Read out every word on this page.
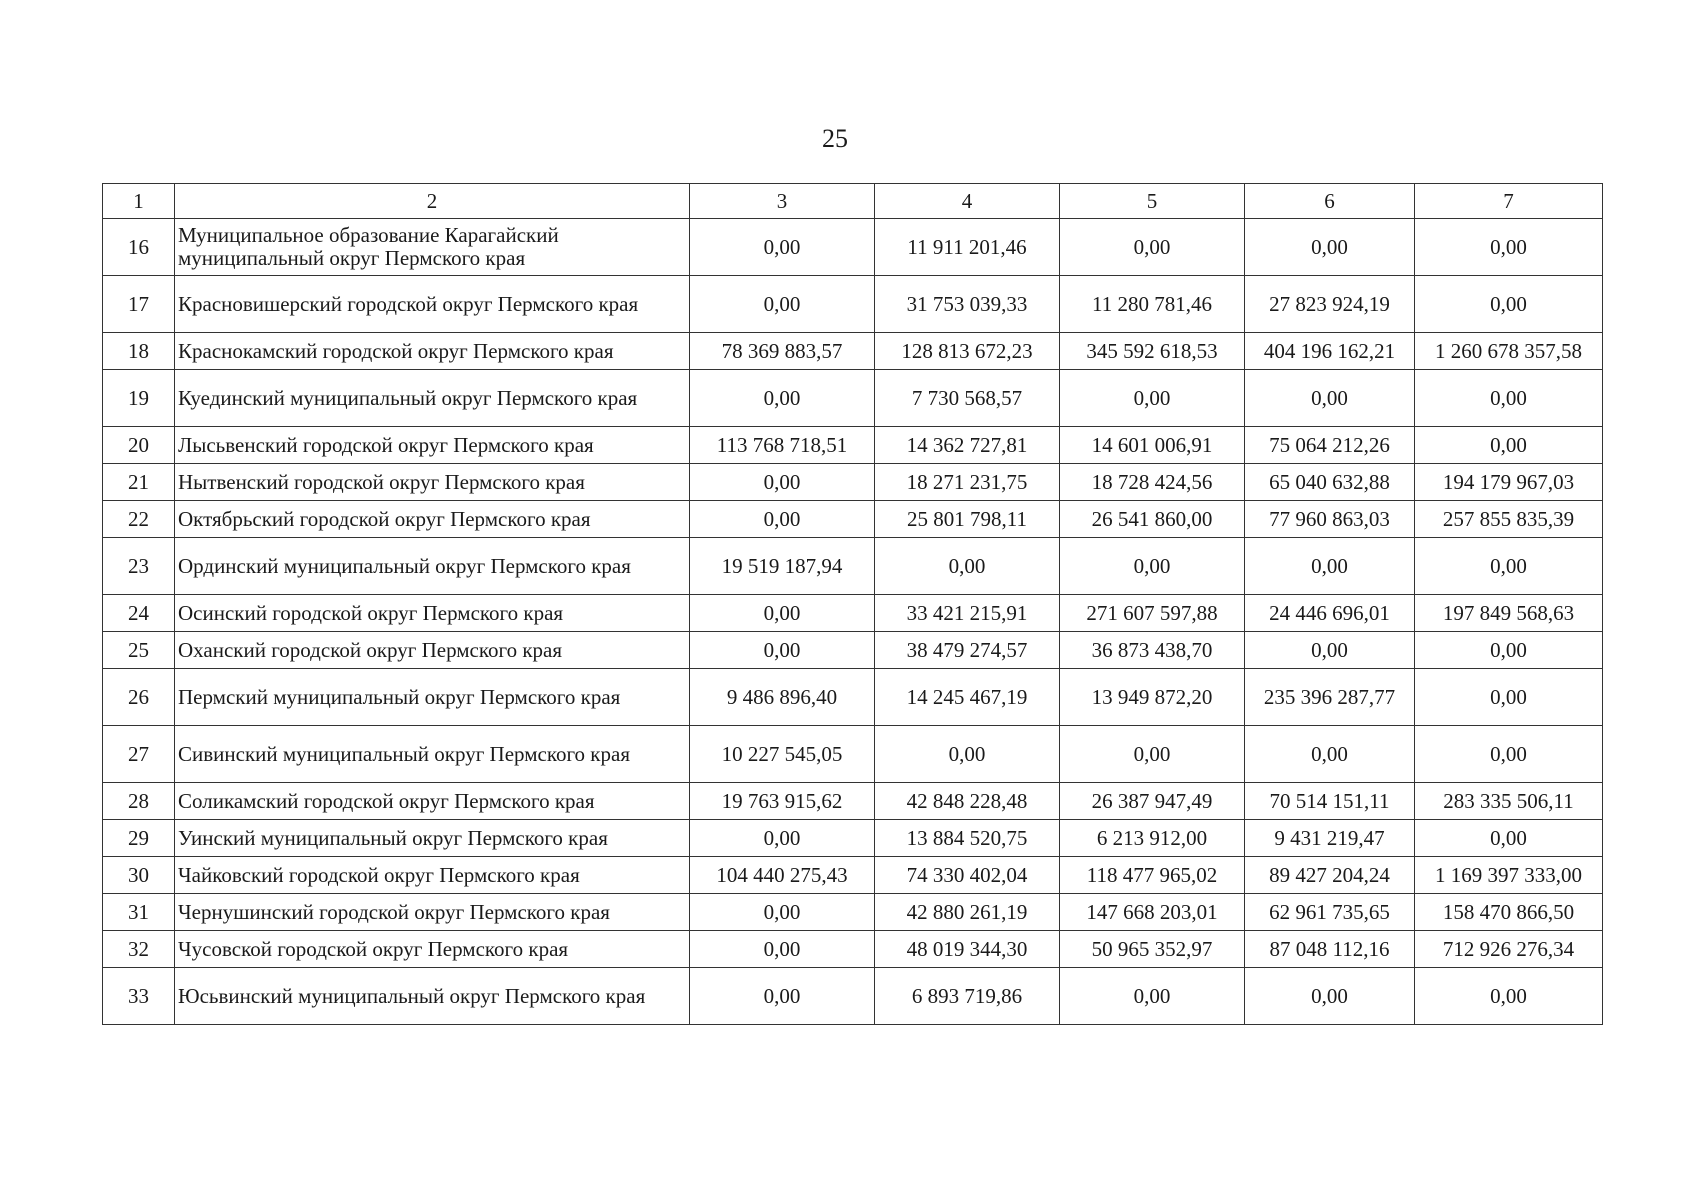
25
1	2	3	4	5	6	7
16	Муниципальное образование Карагайский муниципальный округ Пермского края	0,00	11 911 201,46	0,00	0,00	0,00
17	Красновишерский городской округ Пермского края	0,00	31 753 039,33	11 280 781,46	27 823 924,19	0,00
18	Краснокамский городской округ Пермского края	78 369 883,57	128 813 672,23	345 592 618,53	404 196 162,21	1 260 678 357,58
19	Куединский муниципальный округ Пермского края	0,00	7 730 568,57	0,00	0,00	0,00
20	Лысьвенский городской округ Пермского края	113 768 718,51	14 362 727,81	14 601 006,91	75 064 212,26	0,00
21	Нытвенский городской округ Пермского края	0,00	18 271 231,75	18 728 424,56	65 040 632,88	194 179 967,03
22	Октябрьский городской округ Пермского края	0,00	25 801 798,11	26 541 860,00	77 960 863,03	257 855 835,39
23	Ординский муниципальный округ Пермского края	19 519 187,94	0,00	0,00	0,00	0,00
24	Осинский городской округ Пермского края	0,00	33 421 215,91	271 607 597,88	24 446 696,01	197 849 568,63
25	Оханский городской округ Пермского края	0,00	38 479 274,57	36 873 438,70	0,00	0,00
26	Пермский муниципальный округ Пермского края	9 486 896,40	14 245 467,19	13 949 872,20	235 396 287,77	0,00
27	Сивинский муниципальный округ Пермского края	10 227 545,05	0,00	0,00	0,00	0,00
28	Соликамский городской округ Пермского края	19 763 915,62	42 848 228,48	26 387 947,49	70 514 151,11	283 335 506,11
29	Уинский муниципальный округ Пермского края	0,00	13 884 520,75	6 213 912,00	9 431 219,47	0,00
30	Чайковский городской округ Пермского края	104 440 275,43	74 330 402,04	118 477 965,02	89 427 204,24	1 169 397 333,00
31	Чернушинский городской округ Пермского края	0,00	42 880 261,19	147 668 203,01	62 961 735,65	158 470 866,50
32	Чусовской городской округ Пермского края	0,00	48 019 344,30	50 965 352,97	87 048 112,16	712 926 276,34
33	Юсьвинский муниципальный округ Пермского края	0,00	6 893 719,86	0,00	0,00	0,00
